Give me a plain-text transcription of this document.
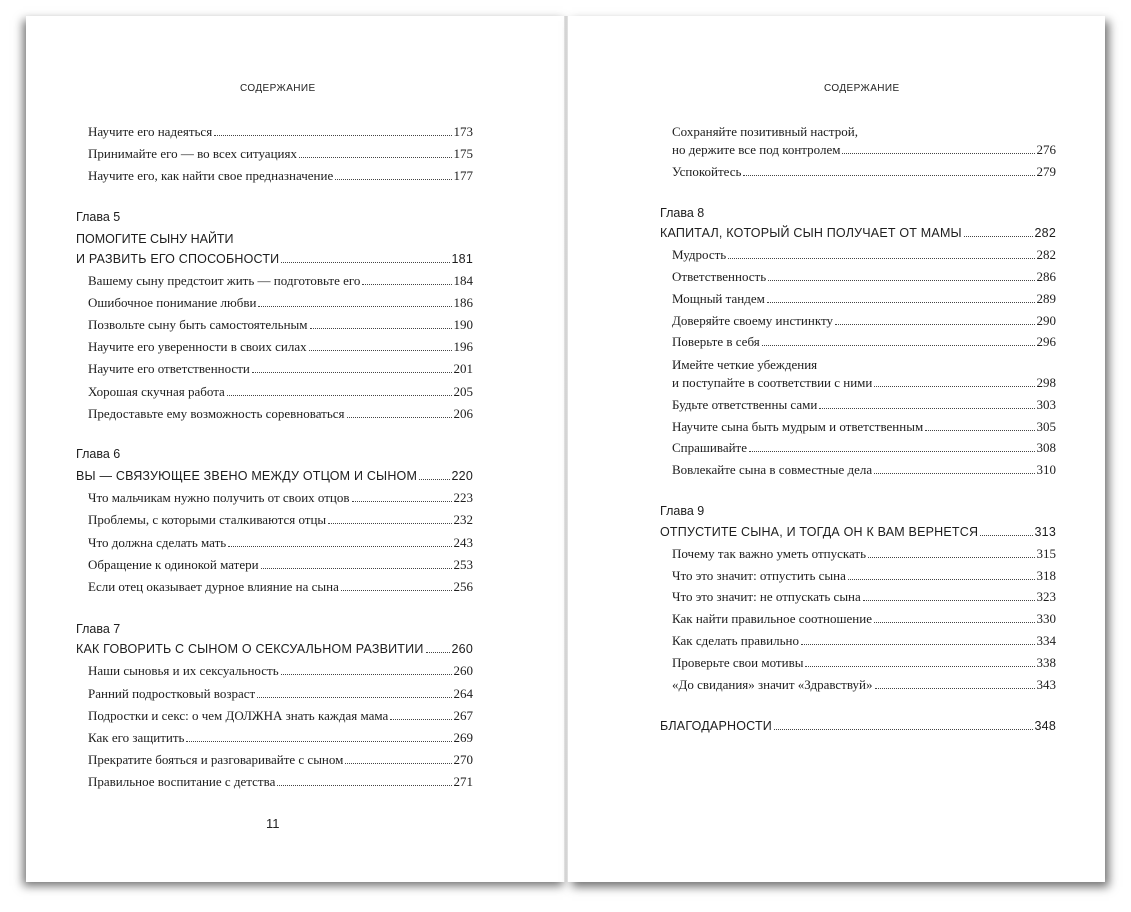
СОДЕРЖАНИЕ
Научите его надеяться	173
Принимайте его — во всех ситуациях	175
Научите его, как найти свое предназначение	177
Глава 5
ПОМОГИТЕ СЫНУ НАЙТИ
И РАЗВИТЬ ЕГО СПОСОБНОСТИ	181
Вашему сыну предстоит жить — подготовьте его	184
Ошибочное понимание любви	186
Позвольте сыну быть самостоятельным	190
Научите его уверенности в своих силах	196
Научите его ответственности	201
Хорошая скучная работа	205
Предоставьте ему возможность соревноваться	206
Глава 6
ВЫ — СВЯЗУЮЩЕЕ ЗВЕНО МЕЖДУ ОТЦОМ И СЫНОМ	220
Что мальчикам нужно получить от своих отцов	223
Проблемы, с которыми сталкиваются отцы	232
Что должна сделать мать	243
Обращение к одинокой матери	253
Если отец оказывает дурное влияние на сына	256
Глава 7
КАК ГОВОРИТЬ С СЫНОМ О СЕКСУАЛЬНОМ РАЗВИТИИ 260
Наши сыновья и их сексуальность	260
Ранний подростковый возраст	264
Подростки и секс: о чем ДОЛЖНА знать каждая мама	267
Как его защитить	269
Прекратите бояться и разговаривайте с сыном	270
Правильное воспитание с детства	271
11
СОДЕРЖАНИЕ
Сохраняйте позитивный настрой,
но держите все под контролем	276
Успокойтесь	279
Глава 8
КАПИТАЛ, КОТОРЫЙ СЫН ПОЛУЧАЕТ ОТ МАМЫ	282
Мудрость	282
Ответственность	286
Мощный тандем	289
Доверяйте своему инстинкту	290
Поверьте в себя	296
Имейте четкие убеждения
и поступайте в соответствии с ними	298
Будьте ответственны сами	303
Научите сына быть мудрым и ответственным	305
Спрашивайте	308
Вовлекайте сына в совместные дела	310
Глава 9
ОТПУСТИТЕ СЫНА, И ТОГДА ОН К ВАМ ВЕРНЕТСЯ	313
Почему так важно уметь отпускать	315
Что это значит: отпустить сына	318
Что это значит: не отпускать сына	323
Как найти правильное соотношение	330
Как сделать правильно	334
Проверьте свои мотивы	338
«До свидания» значит «Здравствуй»	343
БЛАГОДАРНОСТИ	348
